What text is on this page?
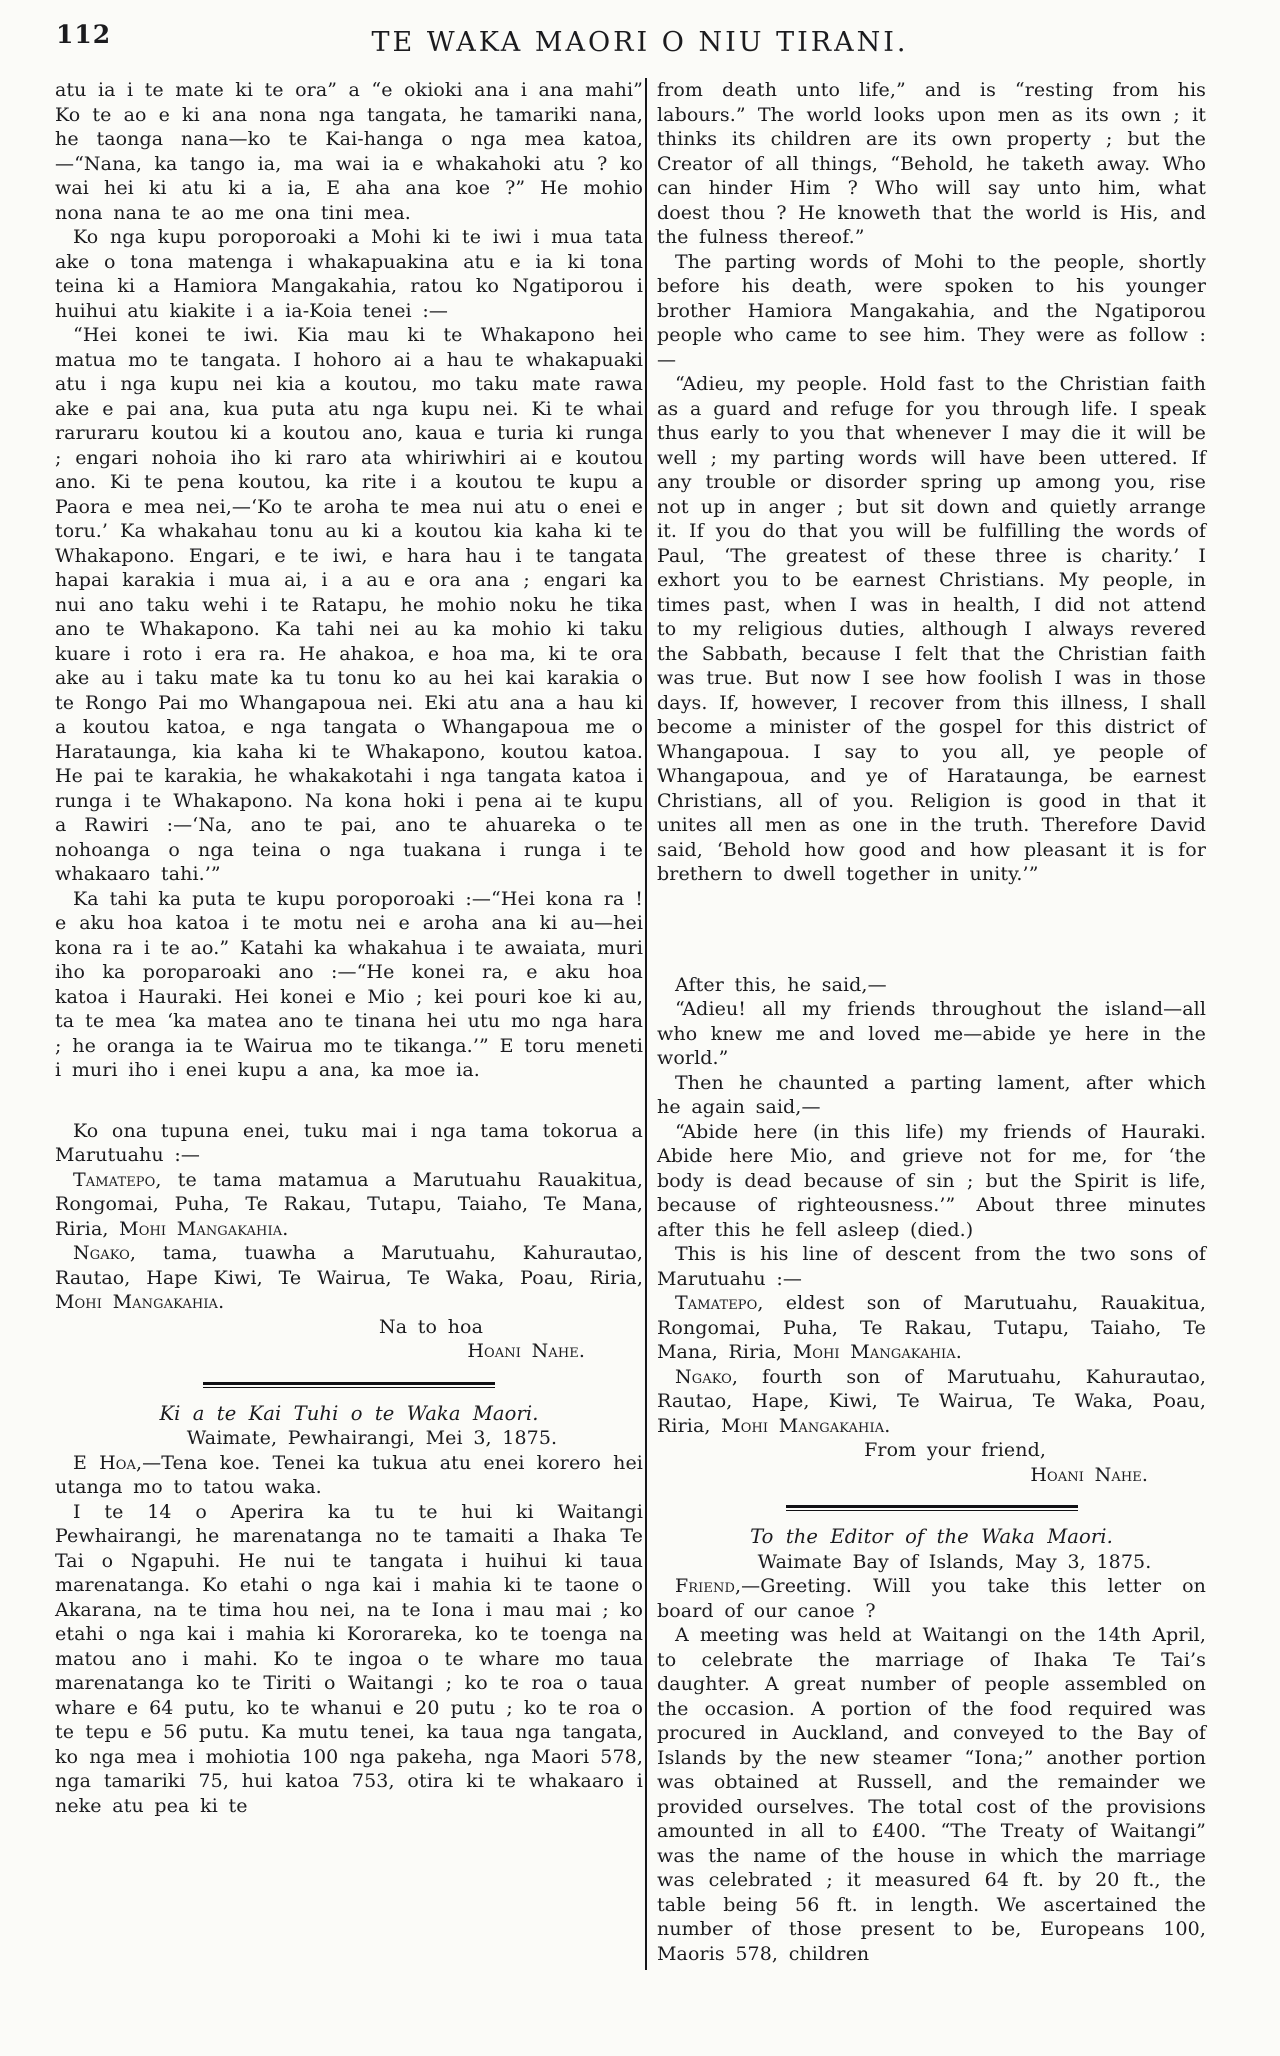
112	TE WAKA MAORI O NIU TIRANI.
atu ia i te mate ki te ora” a “e okioki ana i ana mahi” Ko te ao e ki ana nona nga tangata, he tamariki nana, he taonga nana—ko te Kai-hanga o nga mea katoa,—“Nana, ka tango ia, ma wai ia e whakahoki atu ? ko wai hei ki atu ki a ia, E aha ana koe ?” He mohio nona nana te ao me ona tini mea.
Ko nga kupu poroporoaki a Mohi ki te iwi i mua tata ake o tona matenga i whakapuakina atu e ia ki tona teina ki a Hamiora Mangakahia, ratou ko Ngatiporou i huihui atu kiakite i a ia-Koia tenei :—
“Hei konei te iwi. Kia mau ki te Whakapono hei matua mo te tangata. I hohoro ai a hau te whakapuaki atu i nga kupu nei kia a koutou, mo taku mate rawa ake e pai ana, kua puta atu nga kupu nei. Ki te whai raruraru koutou ki a koutou ano, kaua e turia ki runga ; engari nohoia iho ki raro ata whiriwhiri ai e koutou ano. Ki te pena koutou, ka rite i a koutou te kupu a Paora e mea nei,—‘Ko te aroha te mea nui atu o enei e toru.’ Ka whakahau tonu au ki a koutou kia kaha ki te Whakapono. Engari, e te iwi, e hara hau i te tangata hapai karakia i mua ai, i a au e ora ana ; engari ka nui ano taku wehi i te Ratapu, he mohio noku he tika ano te Whakapono. Ka tahi nei au ka mohio ki taku kuare i roto i era ra. He ahakoa, e hoa ma, ki te ora ake au i taku mate ka tu tonu ko au hei kai karakia o te Rongo Pai mo Whangapoua nei. Eki atu ana a hau ki a koutou katoa, e nga tangata o Whangapoua me o Harataunga, kia kaha ki te Whakapono, koutou katoa. He pai te karakia, he whakakotahi i nga tangata katoa i runga i te Whakapono. Na kona hoki i pena ai te kupu a Rawiri :—‘Na, ano te pai, ano te ahuareka o te nohoanga o nga teina o nga tuakana i runga i te whakaaro tahi.’”
Ka tahi ka puta te kupu poroporoaki :—“Hei kona ra ! e aku hoa katoa i te motu nei e aroha ana ki au—hei kona ra i te ao.” Katahi ka whakahua i te awaiata, muri iho ka poroparoaki ano :—“He konei ra, e aku hoa katoa i Hauraki. Hei konei e Mio ; kei pouri koe ki au, ta te mea ‘ka matea ano te tinana hei utu mo nga hara ; he oranga ia te Wairua mo te tikanga.’” E toru meneti i muri iho i enei kupu a ana, ka moe ia.
Ko ona tupuna enei, tuku mai i nga tama tokorua a Marutuahu :—
Tamatepo, te tama matamua a Marutuahu Rauakitua, Rongomai, Puha, Te Rakau, Tutapu, Taiaho, Te Mana, Riria, Mohi Mangakahia.
Ngako, tama, tuawha a Marutuahu, Kahurautao, Rautao, Hape Kiwi, Te Wairua, Te Waka, Poau, Riria, Mohi Mangakahia.
Na to hoa
Hoani Nahe.
Ki a te Kai Tuhi o te Waka Maori.
Waimate, Pewhairangi, Mei 3, 1875.
E Hoa,—Tena koe. Tenei ka tukua atu enei korero hei utanga mo to tatou waka.
I te 14 o Aperira ka tu te hui ki Waitangi Pewhairangi, he marenatanga no te tamaiti a Ihaka Te Tai o Ngapuhi. He nui te tangata i huihui ki taua marenatanga. Ko etahi o nga kai i mahia ki te taone o Akarana, na te tima hou nei, na te Iona i mau mai ; ko etahi o nga kai i mahia ki Kororareka, ko te toenga na matou ano i mahi. Ko te ingoa o te whare mo taua marenatanga ko te Tiriti o Waitangi ; ko te roa o taua whare e 64 putu, ko te whanui e 20 putu ; ko te roa o te tepu e 56 putu. Ka mutu tenei, ka taua nga tangata, ko nga mea i mohiotia 100 nga pakeha, nga Maori 578, nga tamariki 75, hui katoa 753, otira ki te whakaaro i neke atu pea ki te
from death unto life,” and is “resting from his labours.” The world looks upon men as its own ; it thinks its children are its own property ; but the Creator of all things, “Behold, he taketh away. Who can hinder Him ? Who will say unto him, what doest thou ? He knoweth that the world is His, and the fulness thereof.”
The parting words of Mohi to the people, shortly before his death, were spoken to his younger brother Hamiora Mangakahia, and the Ngatiporou people who came to see him. They were as follow :—
“Adieu, my people. Hold fast to the Christian faith as a guard and refuge for you through life. I speak thus early to you that whenever I may die it will be well ; my parting words will have been uttered. If any trouble or disorder spring up among you, rise not up in anger ; but sit down and quietly arrange it. If you do that you will be fulfilling the words of Paul, ‘The greatest of these three is charity.’ I exhort you to be earnest Christians. My people, in times past, when I was in health, I did not attend to my religious duties, although I always revered the Sabbath, because I felt that the Christian faith was true. But now I see how foolish I was in those days. If, however, I recover from this illness, I shall become a minister of the gospel for this district of Whangapoua. I say to you all, ye people of Whangapoua, and ye of Harataunga, be earnest Christians, all of you. Religion is good in that it unites all men as one in the truth. Therefore David said, ‘Behold how good and how pleasant it is for brethern to dwell together in unity.’”
After this, he said,—
“Adieu! all my friends throughout the island—all who knew me and loved me—abide ye here in the world.”
Then he chaunted a parting lament, after which he again said,—
“Abide here (in this life) my friends of Hauraki. Abide here Mio, and grieve not for me, for ‘the body is dead because of sin ; but the Spirit is life, because of righteousness.’” About three minutes after this he fell asleep (died.)
This is his line of descent from the two sons of Marutuahu :—
Tamatepo, eldest son of Marutuahu, Rauakitua, Rongomai, Puha, Te Rakau, Tutapu, Taiaho, Te Mana, Riria, Mohi Mangakahia.
Ngako, fourth son of Marutuahu, Kahurautao, Rautao, Hape, Kiwi, Te Wairua, Te Waka, Poau, Riria, Mohi Mangakahia.
From your friend,
Hoani Nahe.
To the Editor of the Waka Maori.
Waimate Bay of Islands, May 3, 1875.
Friend,—Greeting. Will you take this letter on board of our canoe ?
A meeting was held at Waitangi on the 14th April, to celebrate the marriage of Ihaka Te Tai’s daughter. A great number of people assembled on the occasion. A portion of the food required was procured in Auckland, and conveyed to the Bay of Islands by the new steamer “Iona;” another portion was obtained at Russell, and the remainder we provided ourselves. The total cost of the provisions amounted in all to £400. “The Treaty of Waitangi” was the name of the house in which the marriage was celebrated ; it measured 64 ft. by 20 ft., the table being 56 ft. in length. We ascertained the number of those present to be, Europeans 100, Maoris 578, children
